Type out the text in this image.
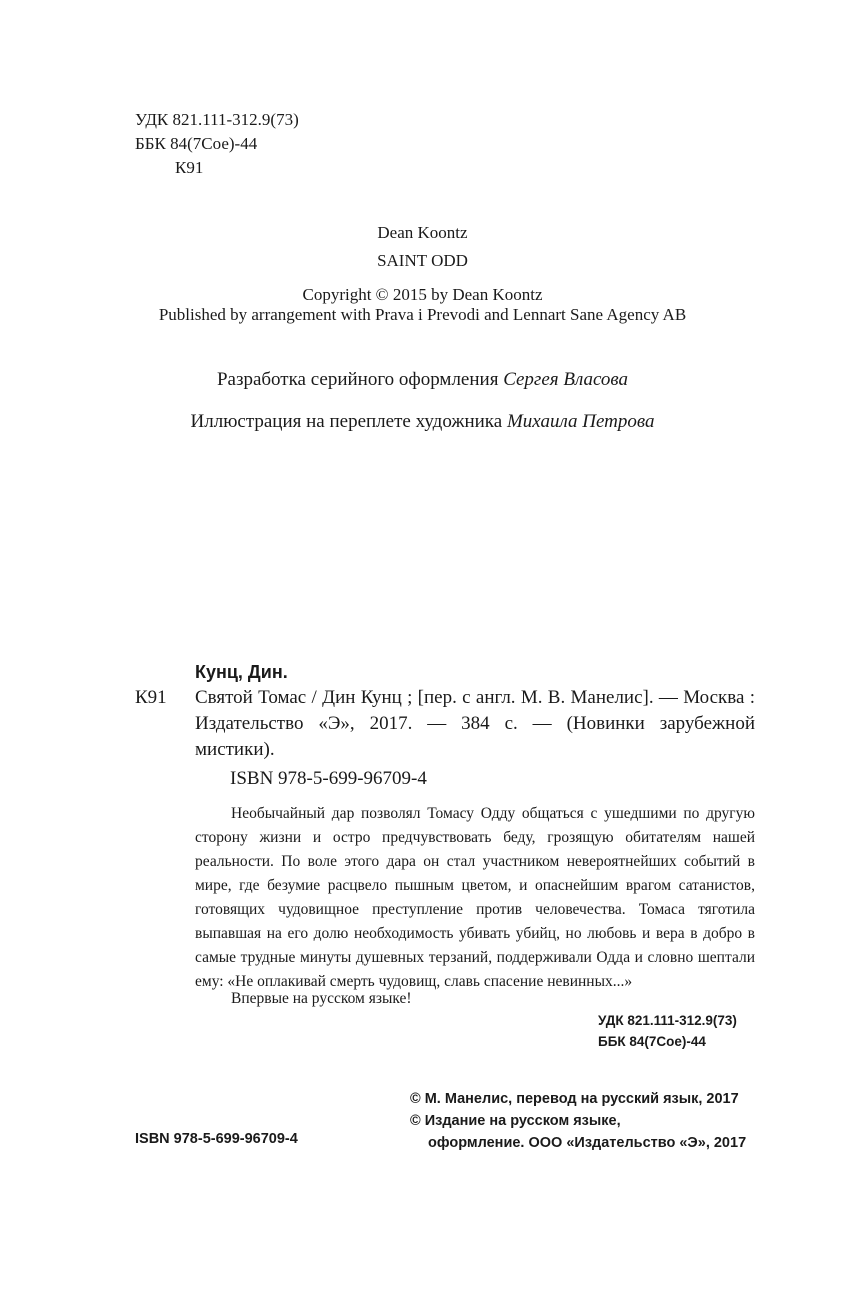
УДК 821.111-312.9(73)
ББК 84(7Сое)-44
К91
Dean Koontz
SAINT ODD
Copyright © 2015 by Dean Koontz
Published by arrangement with Prava i Prevodi and Lennart Sane Agency AB
Разработка серийного оформления Сергея Власова
Иллюстрация на переплете художника Михаила Петрова
Кунц, Дин.
К91	Святой Томас / Дин Кунц ; [пер. с англ. М. В. Манелис]. — Москва : Издательство «Э», 2017. — 384 с. — (Новинки зарубежной мистики).
ISBN 978-5-699-96709-4

Необычайный дар позволял Томасу Одду общаться с ушедшими по другую сторону жизни и остро предчувствовать беду, грозящую обитателям нашей реальности. По воле этого дара он стал участником невероятнейших событий в мире, где безумие расцвело пышным цветом, и опаснейшим врагом сатанистов, готовящих чудовищное преступление против человечества. Томаса тяготила выпавшая на его долю необходимость убивать убийц, но любовь и вера в добро в самые трудные минуты душевных терзаний, поддерживали Одда и словно шептали ему: «Не оплакивай смерть чудовищ, славь спасение невинных...»

Впервые на русском языке!
УДК 821.111-312.9(73)
ББК 84(7Сое)-44
© М. Манелис, перевод на русский язык, 2017
© Издание на русском языке,
оформление. ООО «Издательство «Э», 2017
ISBN 978-5-699-96709-4
